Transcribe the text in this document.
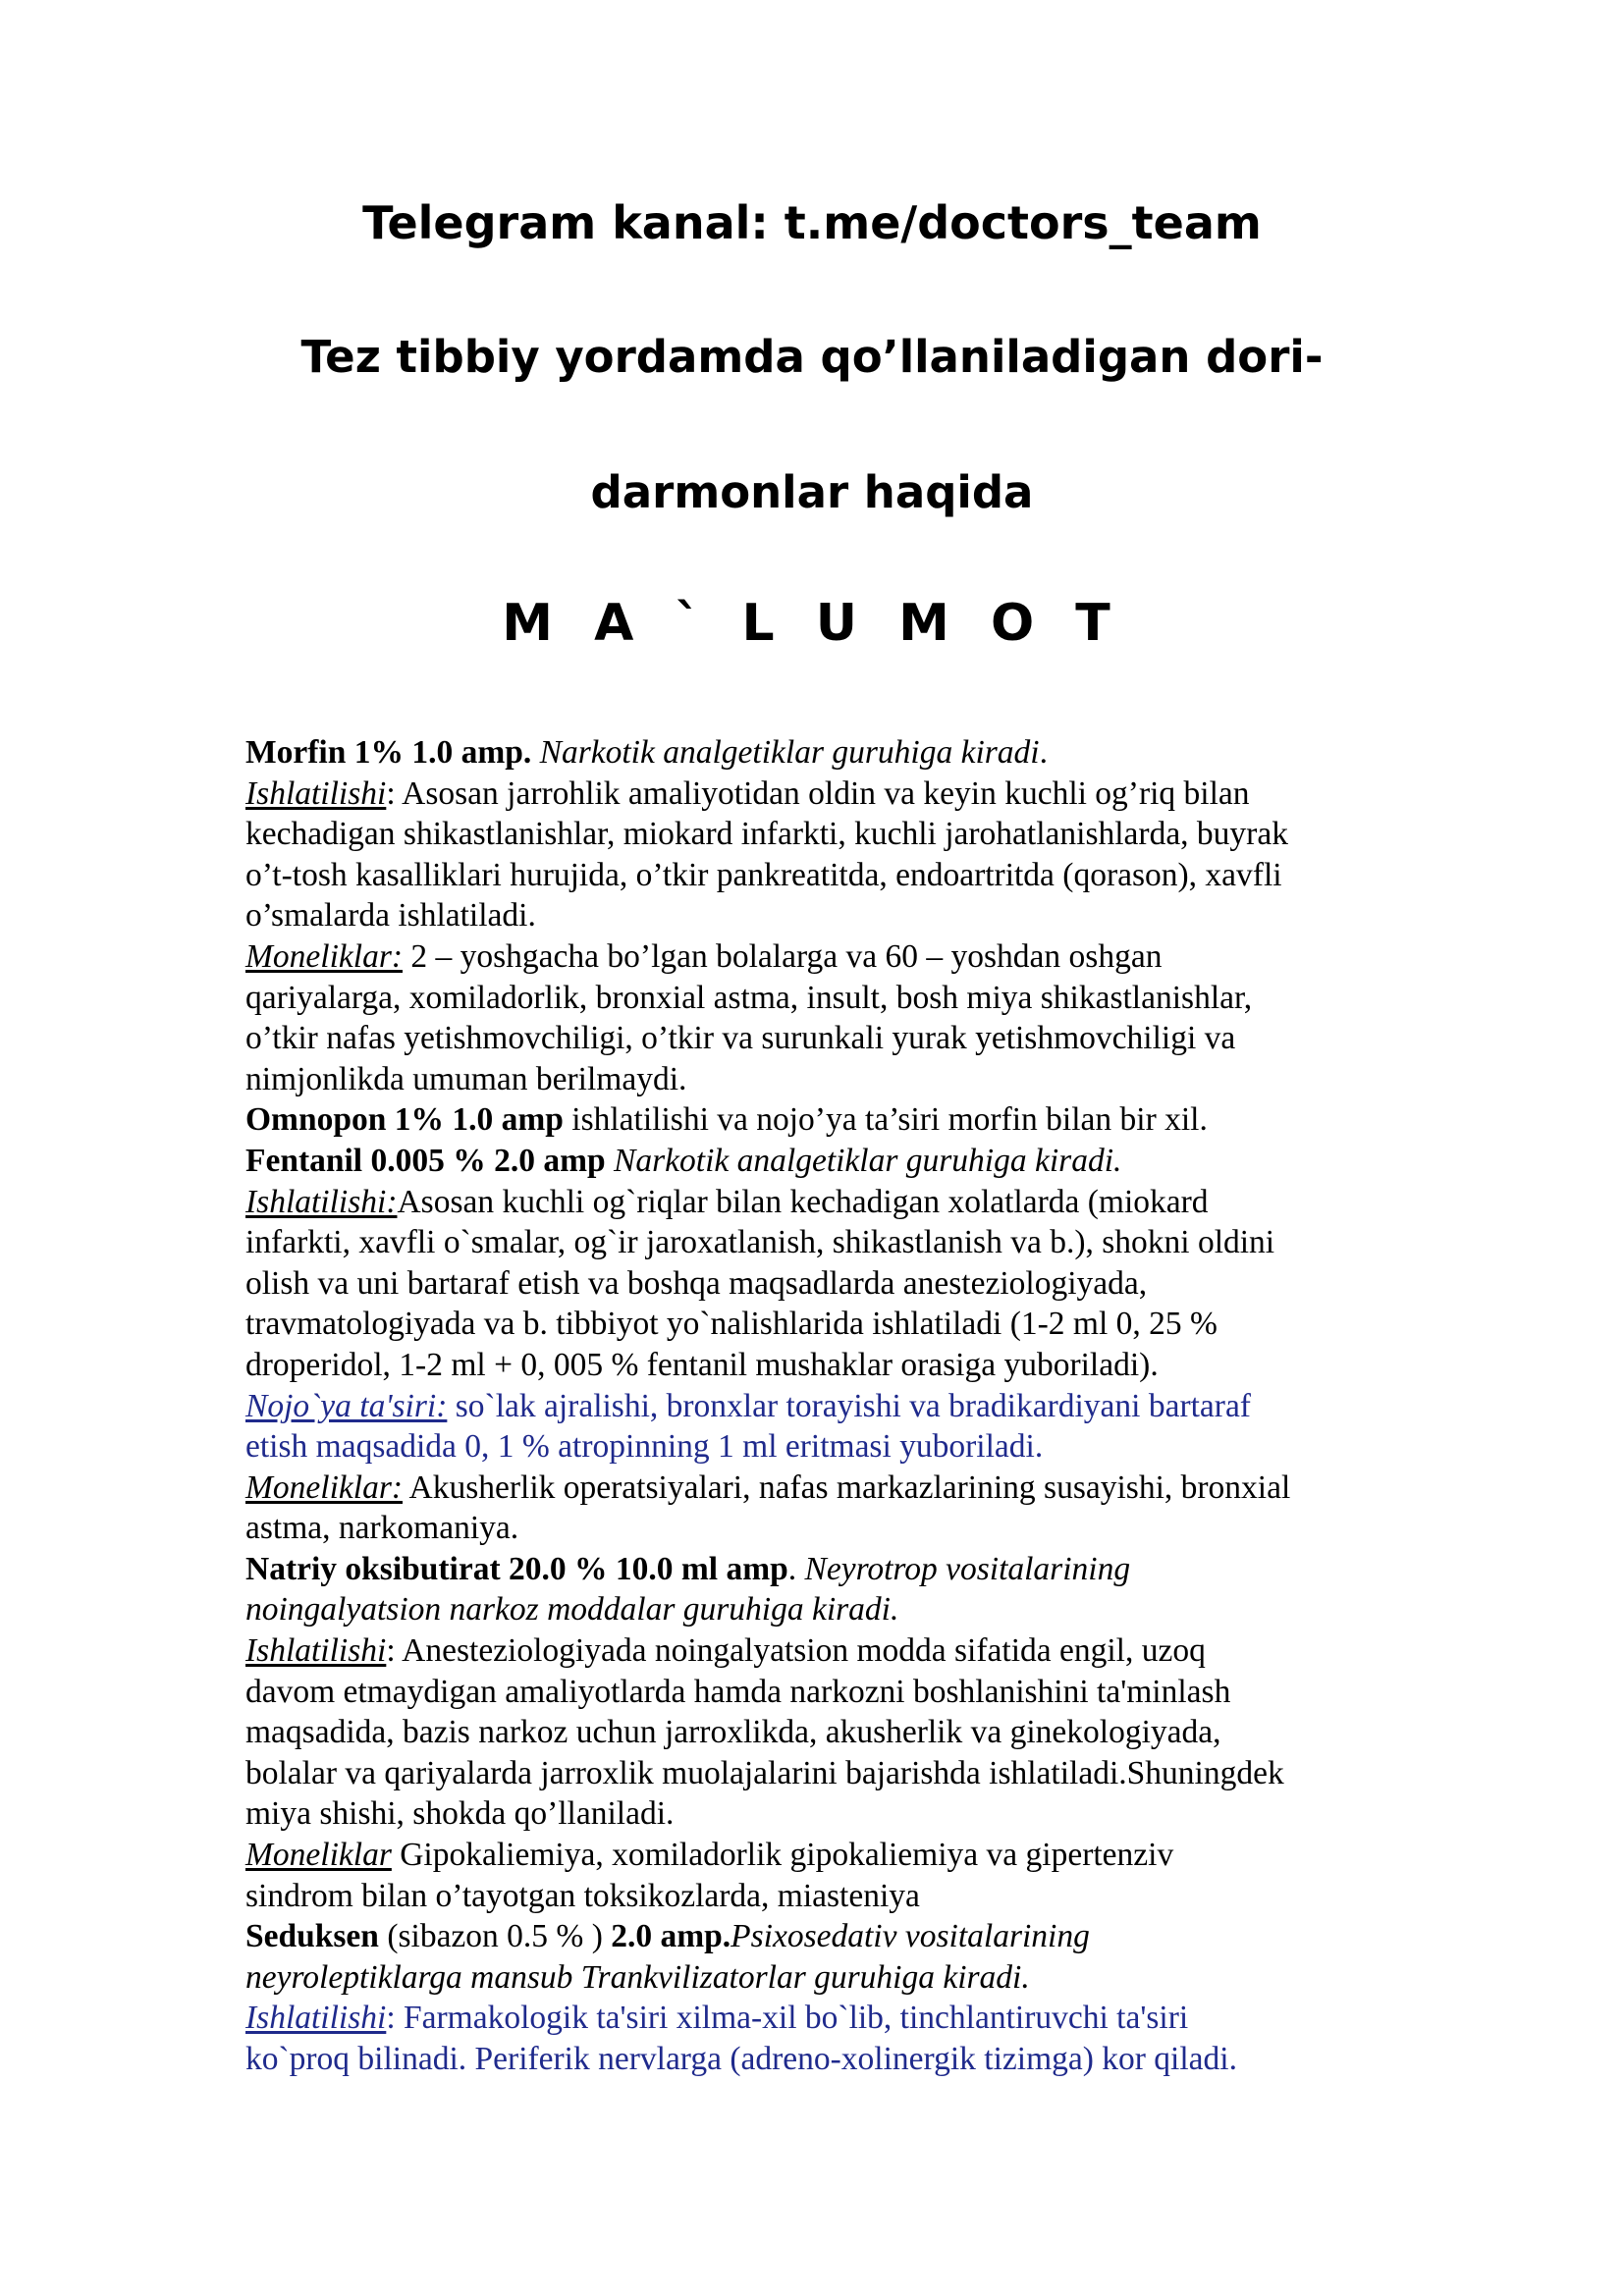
Telegram kanal: t.me/doctors_team
Tez tibbiy yordamda qo’llaniladigan dori-
darmonlar haqida
M A ` L U M O T
Morfin 1% 1.0 amp. Narkotik analgetiklar guruhiga kiradi.
Ishlatilishi: Asosan jarrohlik amaliyotidan oldin va keyin kuchli og’riq bilan
kechadigan shikastlanishlar, miokard infarkti, kuchli jarohatlanishlarda, buyrak
o’t-tosh kasalliklari hurujida, o’tkir pankreatitda, endoartritda (qorason), xavfli
o’smalarda ishlatiladi.
Moneliklar: 2 – yoshgacha bo’lgan bolalarga va 60 – yoshdan oshgan
qariyalarga, xomiladorlik, bronxial astma, insult, bosh miya shikastlanishlar,
o’tkir nafas yetishmovchiligi, o’tkir va surunkali yurak yetishmovchiligi va
nimjonlikda umuman berilmaydi.
Omnopon 1% 1.0 amp ishlatilishi va nojo’ya ta’siri morfin bilan bir xil.
Fentanil 0.005 % 2.0 amp Narkotik analgetiklar guruhiga kiradi.
Ishlatilishi:Asosan kuchli og`riqlar bilan kechadigan xolatlarda (miokard
infarkti, xavfli o`smalar, og`ir jaroxatlanish, shikastlanish va b.), shokni oldini
olish va uni bartaraf etish va boshqa maqsadlarda anesteziologiyada,
travmatologiyada va b. tibbiyot yo`nalishlarida ishlatiladi (1-2 ml 0, 25 %
droperidol, 1-2 ml + 0, 005 % fentanil mushaklar orasiga yuboriladi).
Nojo`ya ta'siri: so`lak ajralishi, bronxlar torayishi va bradikardiyani bartaraf
etish maqsadida 0, 1 % atropinning 1 ml eritmasi yuboriladi.
Moneliklar: Akusherlik operatsiyalari, nafas markazlarining susayishi, bronxial
astma, narkomaniya.
Natriy oksibutirat 20.0 % 10.0 ml amp. Neyrotrop vositalarining
noingalyatsion narkoz moddalar guruhiga kiradi.
Ishlatilishi: Anesteziologiyada noingalyatsion modda sifatida engil, uzoq
davom etmaydigan amaliyotlarda hamda narkozni boshlanishini ta'minlash
maqsadida, bazis narkoz uchun jarroxlikda, akusherlik va ginekologiyada,
bolalar va qariyalarda jarroxlik muolajalarini bajarishda ishlatiladi.Shuningdek
miya shishi, shokda qo’llaniladi.
Moneliklar Gipokaliemiya, xomiladorlik gipokaliemiya va gipertenziv
sindrom bilan o’tayotgan toksikozlarda, miasteniya
Seduksen (sibazon 0.5 % ) 2.0 amp.Psixosedativ vositalarining
neyroleptiklarga mansub Trankvilizatorlar guruhiga kiradi.
Ishlatilishi: Farmakologik ta'siri xilma-xil bo`lib, tinchlantiruvchi ta'siri
ko`proq bilinadi. Periferik nervlarga (adreno-xolinergik tizimga) kor qiladi.
